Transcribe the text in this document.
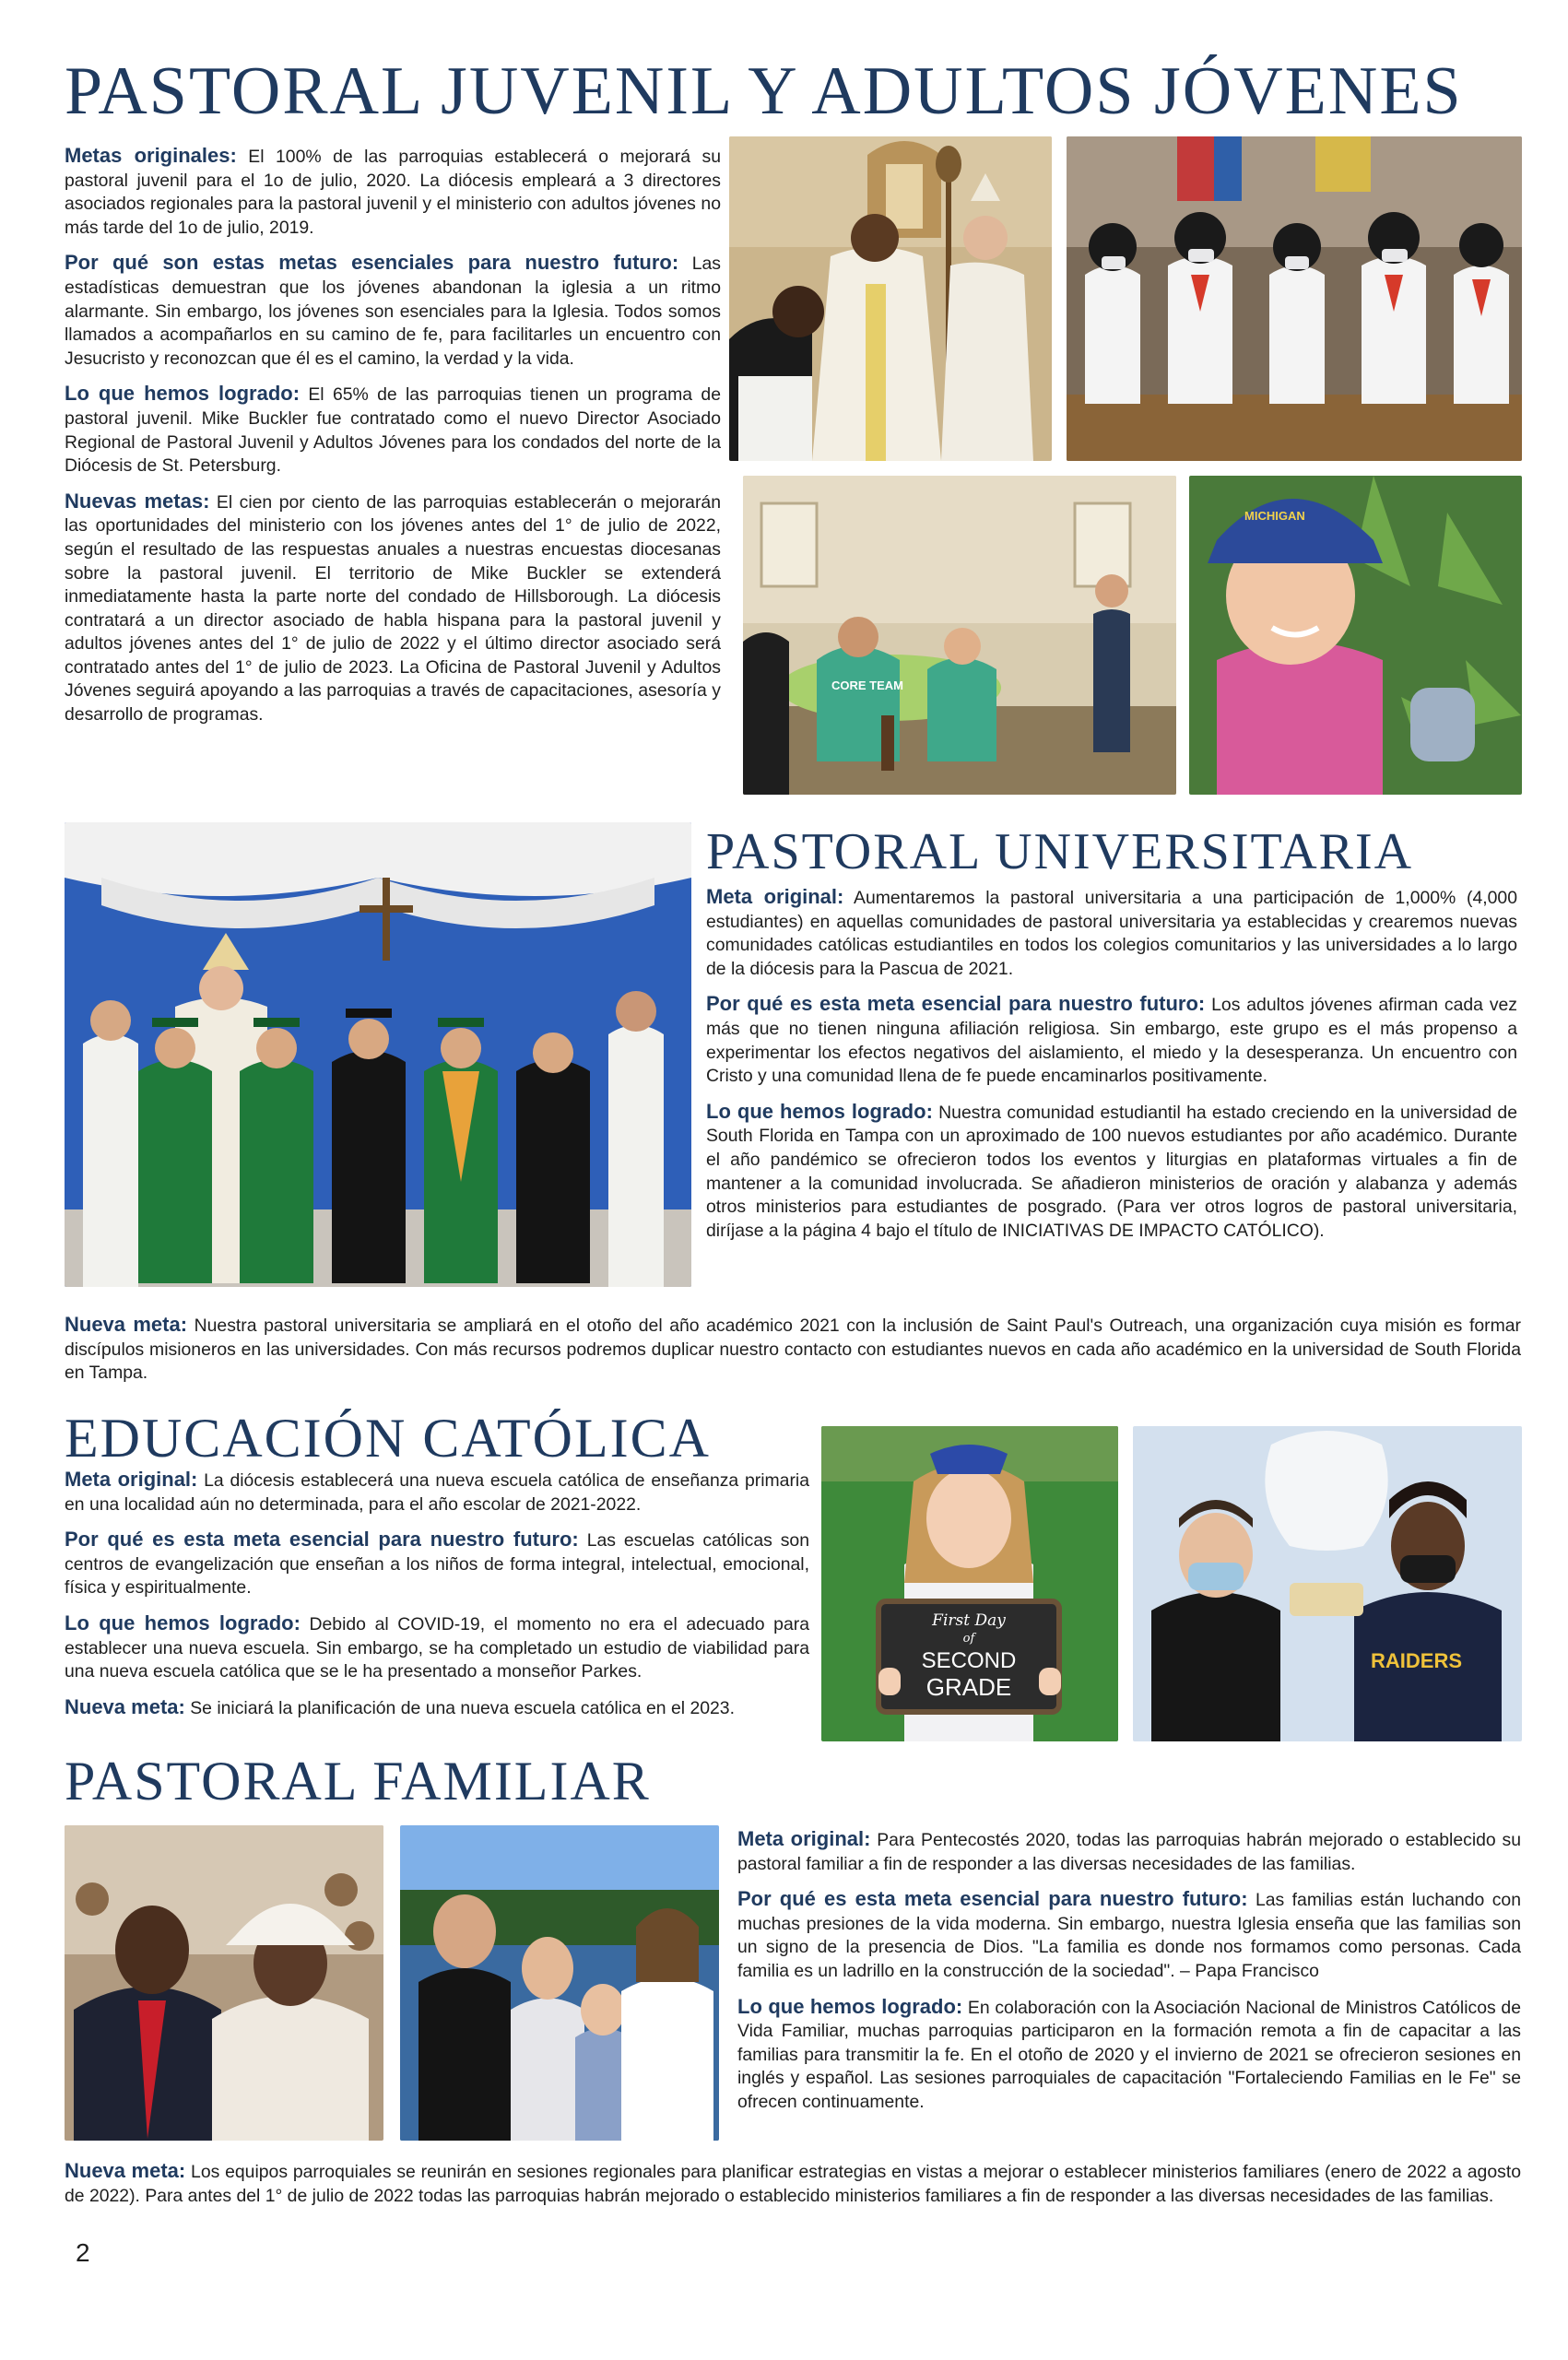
PASTORAL JUVENIL Y ADULTOS JÓVENES

Metas originales: El 100% de las parroquias establecerá o mejorará su pastoral juvenil para el 1o de julio, 2020. La diócesis empleará a 3 directores asociados regionales para la pastoral juvenil y el ministerio con adultos jóvenes no más tarde del 1o de julio, 2019.

Por qué son estas metas esenciales para nuestro futuro: Las estadísticas demuestran que los jóvenes abandonan la iglesia a un ritmo alarmante. Sin embargo, los jóvenes son esenciales para la Iglesia. Todos somos llamados a acompañarlos en su camino de fe, para facilitarles un encuentro con Jesucristo y reconozcan que él es el camino, la verdad y la vida.

Lo que hemos logrado: El 65% de las parroquias tienen un programa de pastoral juvenil. Mike Buckler fue contratado como el nuevo Director Asociado Regional de Pastoral Juvenil y Adultos Jóvenes para los condados del norte de la Diócesis de St. Petersburg.

Nuevas metas: El cien por ciento de las parroquias establecerán o mejorarán las oportunidades del ministerio con los jóvenes antes del 1° de julio de 2022, según el resultado de las respuestas anuales a nuestras encuestas diocesanas sobre la pastoral juvenil. El territorio de Mike Buckler se extenderá inmediatamente hasta la parte norte del condado de Hillsborough. La diócesis contratará a un director asociado de habla hispana para la pastoral juvenil y adultos jóvenes antes del 1° de julio de 2022 y el último director asociado será contratado antes del 1° de julio de 2023. La Oficina de Pastoral Juvenil y Adultos Jóvenes seguirá apoyando a las parroquias a través de capacitaciones, asesoría y desarrollo de programas.

CORE TEAM
MICHIGAN
PASTORAL UNIVERSITARIA

Meta original: Aumentaremos la pastoral universitaria a una participación de 1,000% (4,000 estudiantes) en aquellas comunidades de pastoral universitaria ya establecidas y crearemos nuevas comunidades católicas estudiantiles en todos los colegios comunitarios y las universidades a lo largo de la diócesis para la Pascua de 2021.

Por qué es esta meta esencial para nuestro futuro: Los adultos jóvenes afirman cada vez más que no tienen ninguna afiliación religiosa. Sin embargo, este grupo es el más propenso a experimentar los efectos negativos del aislamiento, el miedo y la desesperanza. Un encuentro con Cristo y una comunidad llena de fe puede encaminarlos positivamente.

Lo que hemos logrado: Nuestra comunidad estudiantil ha estado creciendo en la universidad de South Florida en Tampa con un aproximado de 100 nuevos estudiantes por año académico. Durante el año pandémico se ofrecieron todos los eventos y liturgias en plataformas virtuales a fin de mantener a la comunidad involucrada. Se añadieron ministerios de oración y alabanza y además otros ministerios para estudiantes de posgrado. (Para ver otros logros de pastoral universitaria, diríjase a la página 4 bajo el título de INICIATIVAS DE IMPACTO CATÓLICO).

Nueva meta: Nuestra pastoral universitaria se ampliará en el otoño del año académico 2021 con la inclusión de Saint Paul's Outreach, una organización cuya misión es formar discípulos misioneros en las universidades. Con más recursos podremos duplicar nuestro contacto con estudiantes nuevos en cada año académico en la universidad de South Florida en Tampa.

EDUCACIÓN CATÓLICA

Meta original: La diócesis establecerá una nueva escuela católica de enseñanza primaria en una localidad aún no determinada, para el año escolar de 2021-2022.

Por qué es esta meta esencial para nuestro futuro: Las escuelas católicas son centros de evangelización que enseñan a los niños de forma integral, intelectual, emocional, física y espiritualmente.

Lo que hemos logrado: Debido al COVID-19, el momento no era el adecuado para establecer una nueva escuela. Sin embargo, se ha completado un estudio de viabilidad para una nueva escuela católica que se le ha presentado a monseñor Parkes.

Nueva meta: Se iniciará la planificación de una nueva escuela católica en el 2023.

First Day
of
SECOND
GRADE
RAIDERS
PASTORAL FAMILIAR

Meta original: Para Pentecostés 2020, todas las parroquias habrán mejorado o establecido su pastoral familiar a fin de responder a las diversas necesidades de las familias.

Por qué es esta meta esencial para nuestro futuro: Las familias están luchando con muchas presiones de la vida moderna. Sin embargo, nuestra Iglesia enseña que las familias son un signo de la presencia de Dios. "La familia es donde nos formamos como personas. Cada familia es un ladrillo en la construcción de la sociedad". – Papa Francisco

Lo que hemos logrado: En colaboración con la Asociación Nacional de Ministros Católicos de Vida Familiar, muchas parroquias participaron en la formación remota a fin de capacitar a las familias para transmitir la fe. En el otoño de 2020 y el invierno de 2021 se ofrecieron sesiones en inglés y español. Las sesiones parroquiales de capacitación "Fortaleciendo Familias en le Fe" se ofrecen continuamente.

Nueva meta: Los equipos parroquiales se reunirán en sesiones regionales para planificar estrategias en vistas a mejorar o establecer ministerios familiares (enero de 2022 a agosto de 2022). Para antes del 1° de julio de 2022 todas las parroquias habrán mejorado o establecido ministerios familiares a fin de responder a las diversas necesidades de las familias.

2
